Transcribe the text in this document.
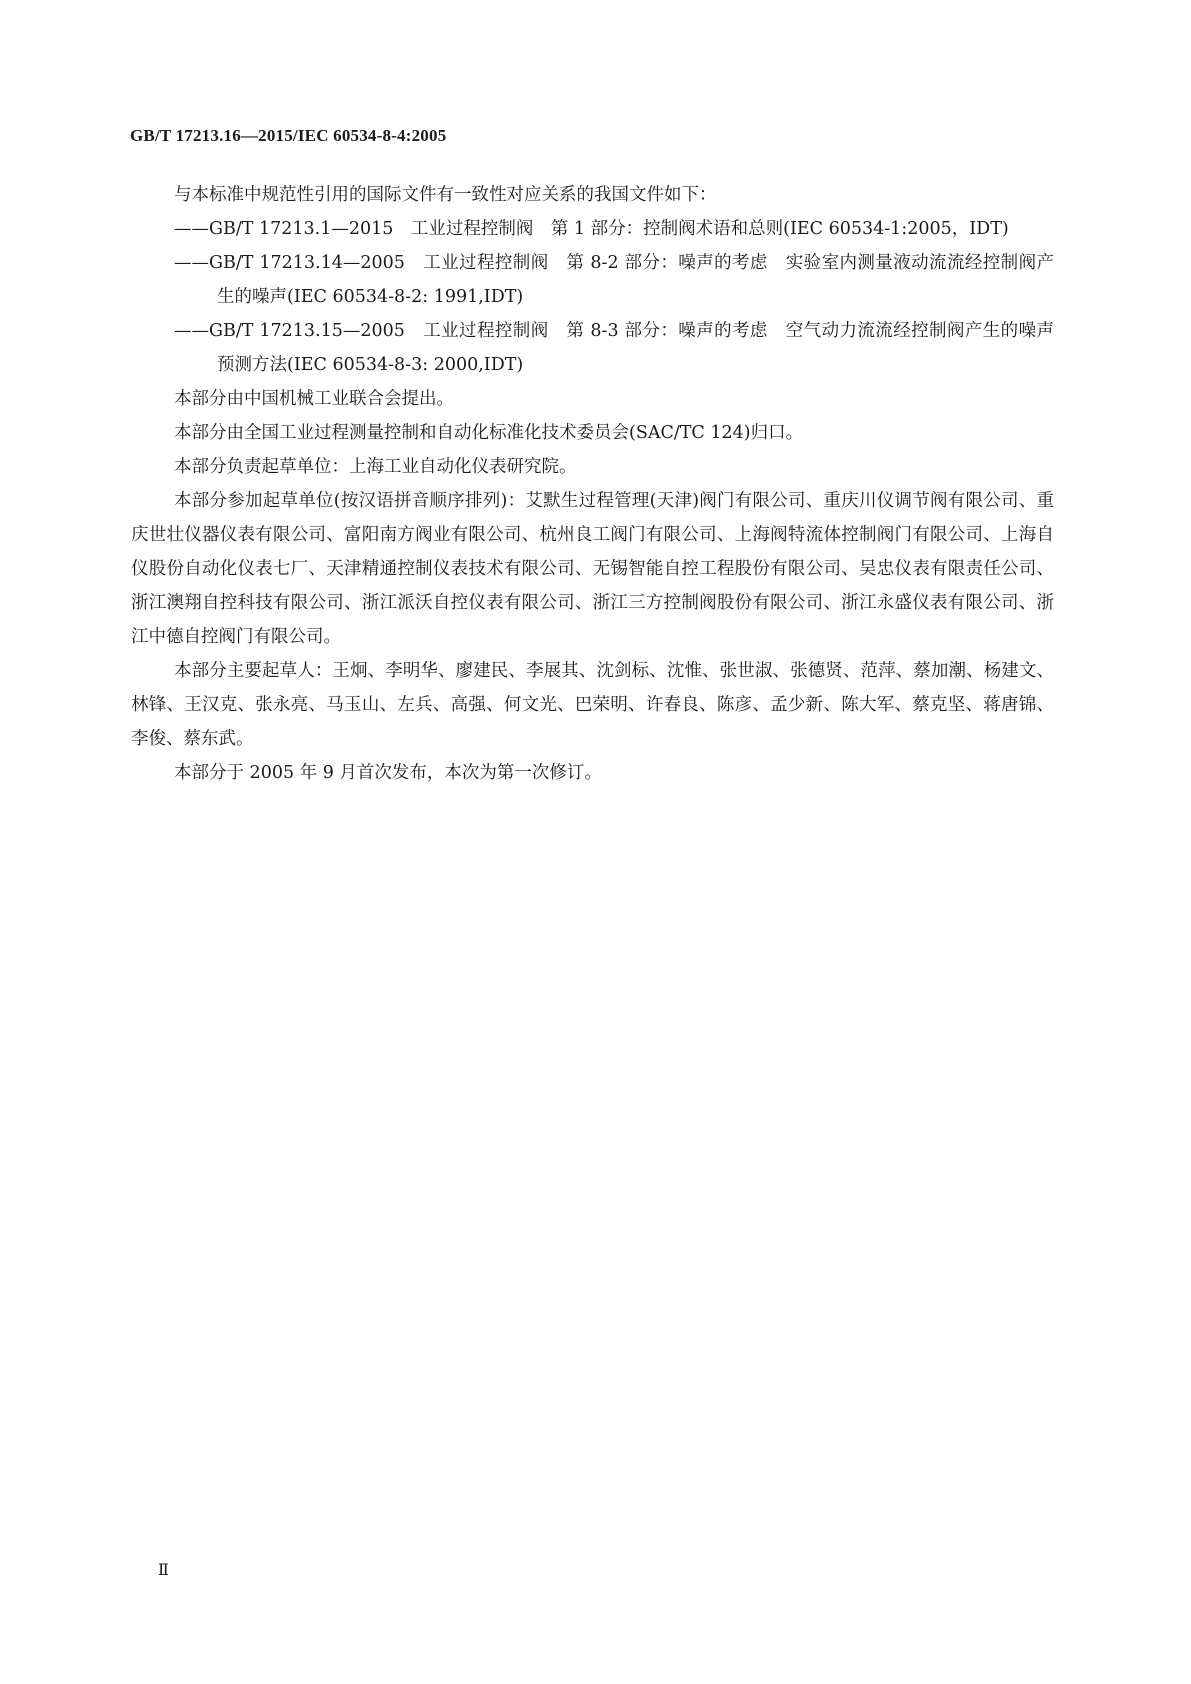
GB/T 17213.16—2015/IEC 60534-8-4:2005

与本标准中规范性引用的国际文件有一致性对应关系的我国文件如下：

——GB/T 17213.1—2015　工业过程控制阀　第 1 部分：控制阀术语和总则(IEC 60534-1:2005，IDT)

——GB/T 17213.14—2005　工业过程控制阀　第 8-2 部分：噪声的考虑　实验室内测量液动流流经控制阀产生的噪声(IEC 60534-8-2: 1991,IDT)

——GB/T 17213.15—2005　工业过程控制阀　第 8-3 部分：噪声的考虑　空气动力流流经控制阀产生的噪声预测方法(IEC 60534-8-3: 2000,IDT)

本部分由中国机械工业联合会提出。

本部分由全国工业过程测量控制和自动化标准化技术委员会(SAC/TC 124)归口。

本部分负责起草单位：上海工业自动化仪表研究院。

本部分参加起草单位(按汉语拼音顺序排列)：艾默生过程管理(天津)阀门有限公司、重庆川仪调节阀有限公司、重庆世壮仪器仪表有限公司、富阳南方阀业有限公司、杭州良工阀门有限公司、上海阀特流体控制阀门有限公司、上海自仪股份自动化仪表七厂、天津精通控制仪表技术有限公司、无锡智能自控工程股份有限公司、吴忠仪表有限责任公司、浙江澳翔自控科技有限公司、浙江派沃自控仪表有限公司、浙江三方控制阀股份有限公司、浙江永盛仪表有限公司、浙江中德自控阀门有限公司。

本部分主要起草人：王炯、李明华、廖建民、李展其、沈剑标、沈惟、张世淑、张德贤、范萍、蔡加潮、杨建文、林锋、王汉克、张永亮、马玉山、左兵、高强、何文光、巴荣明、许春良、陈彦、孟少新、陈大军、蔡克坚、蒋唐锦、李俊、蔡东武。

本部分于 2005 年 9 月首次发布，本次为第一次修订。

Ⅱ
